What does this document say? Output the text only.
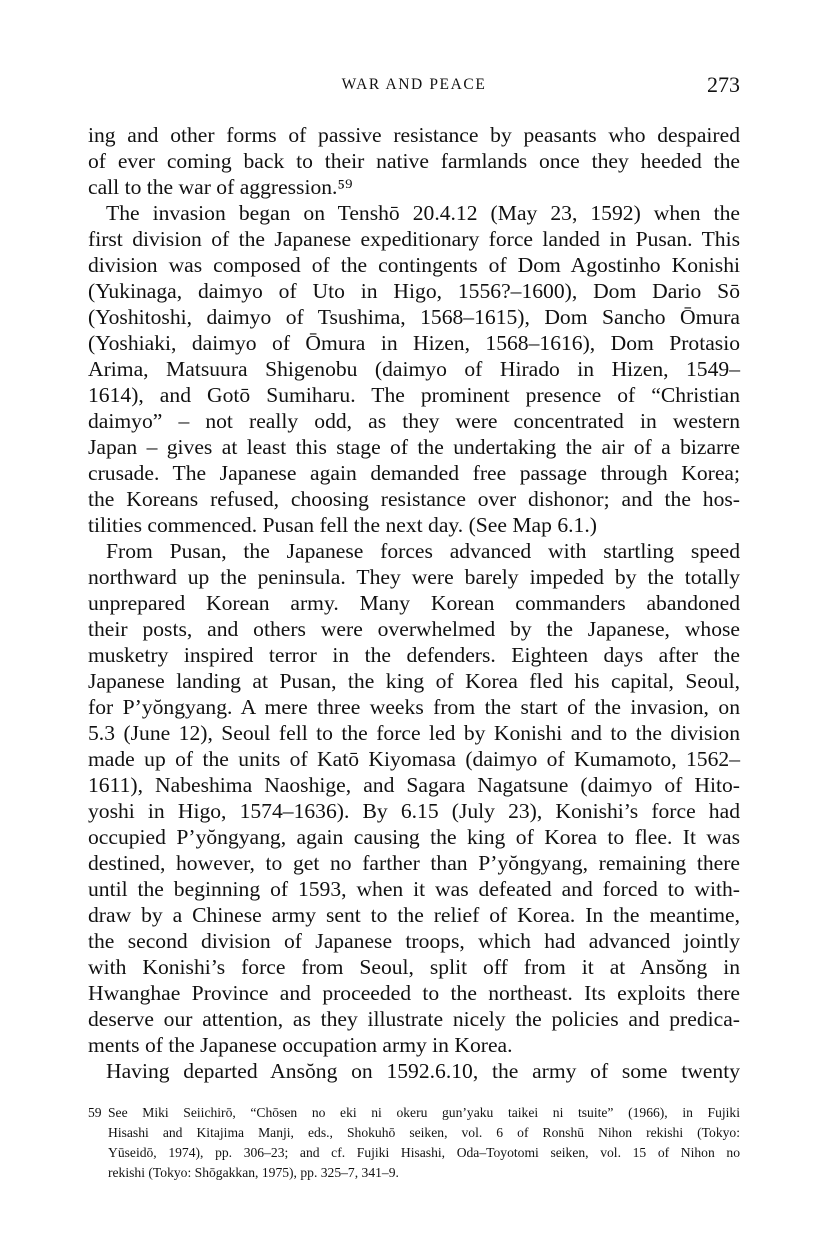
WAR AND PEACE	273
ing and other forms of passive resistance by peasants who despaired
of ever coming back to their native farmlands once they heeded the
call to the war of aggression.⁵⁹
The invasion began on Tenshō 20.4.12 (May 23, 1592) when the
first division of the Japanese expeditionary force landed in Pusan. This
division was composed of the contingents of Dom Agostinho Konishi
(Yukinaga, daimyo of Uto in Higo, 1556?–1600), Dom Dario Sō
(Yoshitoshi, daimyo of Tsushima, 1568–1615), Dom Sancho Ōmura
(Yoshiaki, daimyo of Ōmura in Hizen, 1568–1616), Dom Protasio
Arima, Matsuura Shigenobu (daimyo of Hirado in Hizen, 1549–
1614), and Gotō Sumiharu. The prominent presence of “Christian
daimyo” – not really odd, as they were concentrated in western
Japan – gives at least this stage of the undertaking the air of a bizarre
crusade. The Japanese again demanded free passage through Korea;
the Koreans refused, choosing resistance over dishonor; and the hos-
tilities commenced. Pusan fell the next day. (See Map 6.1.)
From Pusan, the Japanese forces advanced with startling speed
northward up the peninsula. They were barely impeded by the totally
unprepared Korean army. Many Korean commanders abandoned
their posts, and others were overwhelmed by the Japanese, whose
musketry inspired terror in the defenders. Eighteen days after the
Japanese landing at Pusan, the king of Korea fled his capital, Seoul,
for P’yŏngyang. A mere three weeks from the start of the invasion, on
5.3 (June 12), Seoul fell to the force led by Konishi and to the division
made up of the units of Katō Kiyomasa (daimyo of Kumamoto, 1562–
1611), Nabeshima Naoshige, and Sagara Nagatsune (daimyo of Hito-
yoshi in Higo, 1574–1636). By 6.15 (July 23), Konishi’s force had
occupied P’yŏngyang, again causing the king of Korea to flee. It was
destined, however, to get no farther than P’yŏngyang, remaining there
until the beginning of 1593, when it was defeated and forced to with-
draw by a Chinese army sent to the relief of Korea. In the meantime,
the second division of Japanese troops, which had advanced jointly
with Konishi’s force from Seoul, split off from it at Ansŏng in
Hwanghae Province and proceeded to the northeast. Its exploits there
deserve our attention, as they illustrate nicely the policies and predica-
ments of the Japanese occupation army in Korea.
Having departed Ansŏng on 1592.6.10, the army of some twenty
59 See Miki Seiichirō, “Chōsen no eki ni okeru gun’yaku taikei ni tsuite” (1966), in Fujiki
Hisashi and Kitajima Manji, eds., Shokuhō seiken, vol. 6 of Ronshū Nihon rekishi (Tokyo:
Yūseidō, 1974), pp. 306–23; and cf. Fujiki Hisashi, Oda–Toyotomi seiken, vol. 15 of Nihon no
rekishi (Tokyo: Shōgakkan, 1975), pp. 325–7, 341–9.
